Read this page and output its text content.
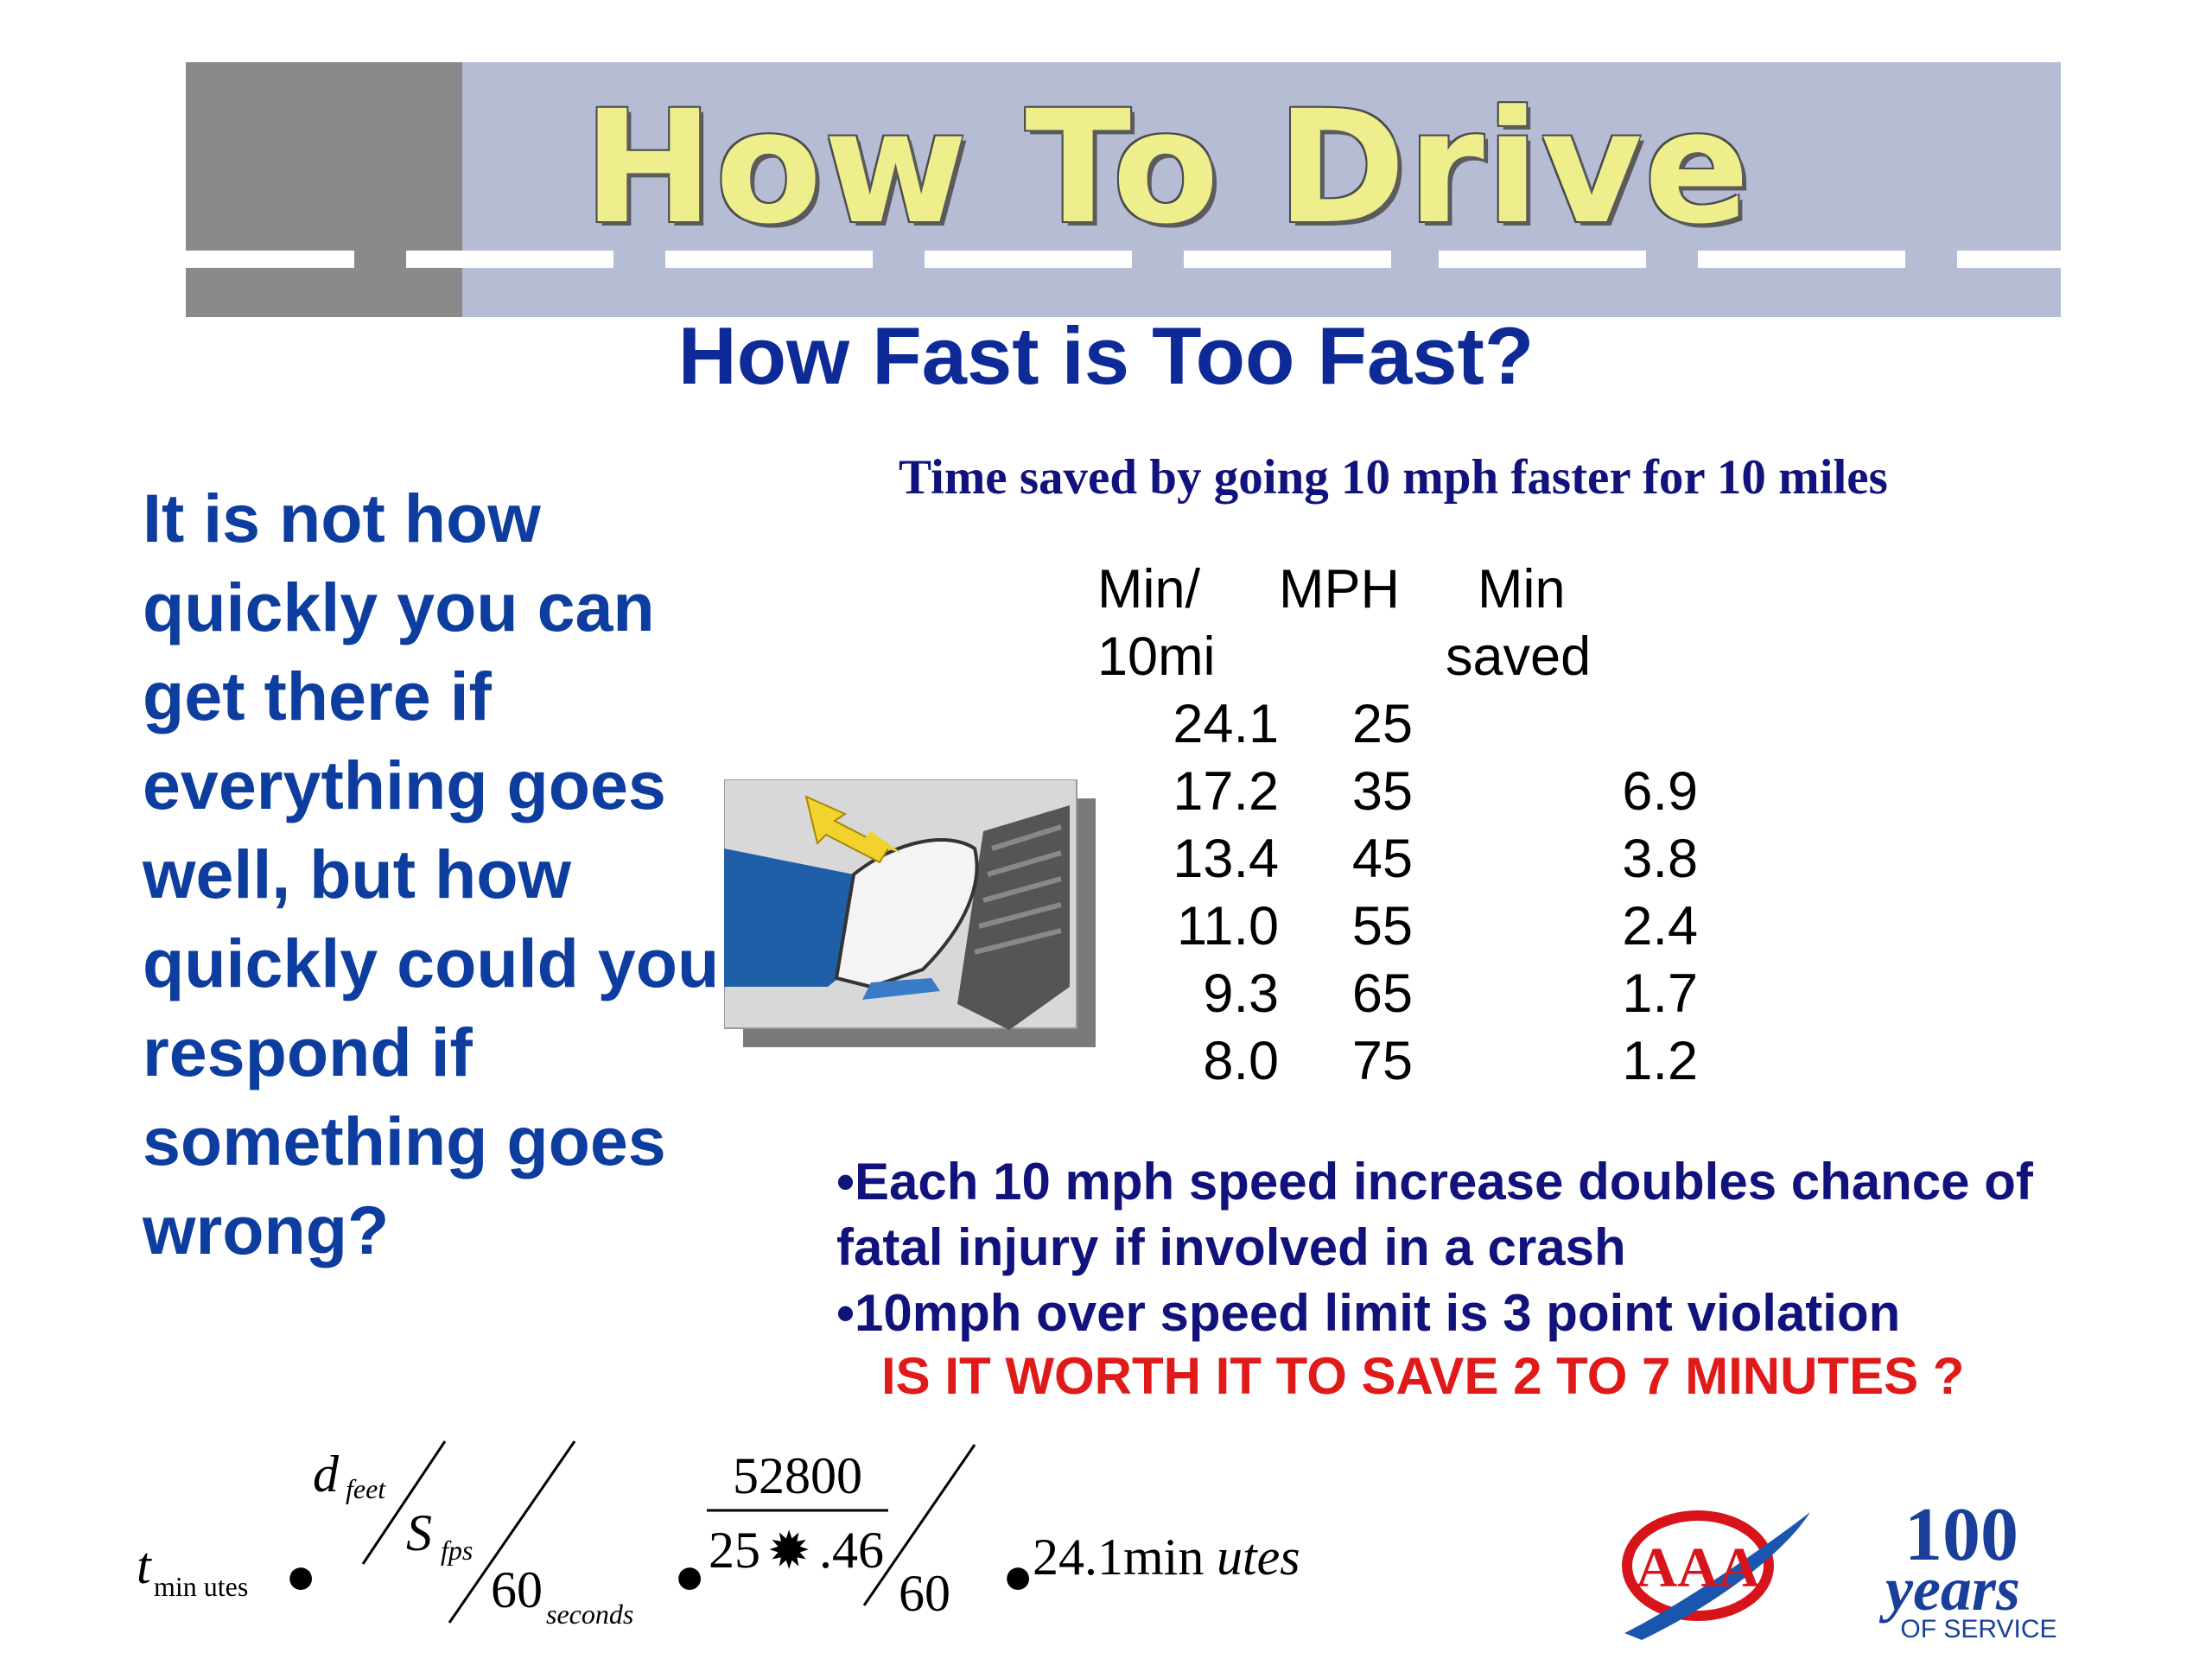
How To Drive
How Fast is Too Fast?
It is not how quickly you can get there if everything goes well, but how quickly could you respond if something goes wrong?
Time saved by going 10 mph faster for 10 miles
Min/	MPH	Min
10mi		saved
24.1	25	
17.2	35	6.9
13.4	45	3.8
11.0	55	2.4
9.3	65	1.7
8.0	75	1.2
•Each 10 mph speed increase doubles chance of
fatal injury if involved in a crash
•10mph over speed limit is 3 point violation
IS IT WORTH IT TO SAVE 2 TO 7 MINUTES ?
t min utes ●
d feet
S fps
60 seconds
●
52800
25 ✹ .46
60 ●
24.1min utes	AAA 100
years
OF SERVICE
